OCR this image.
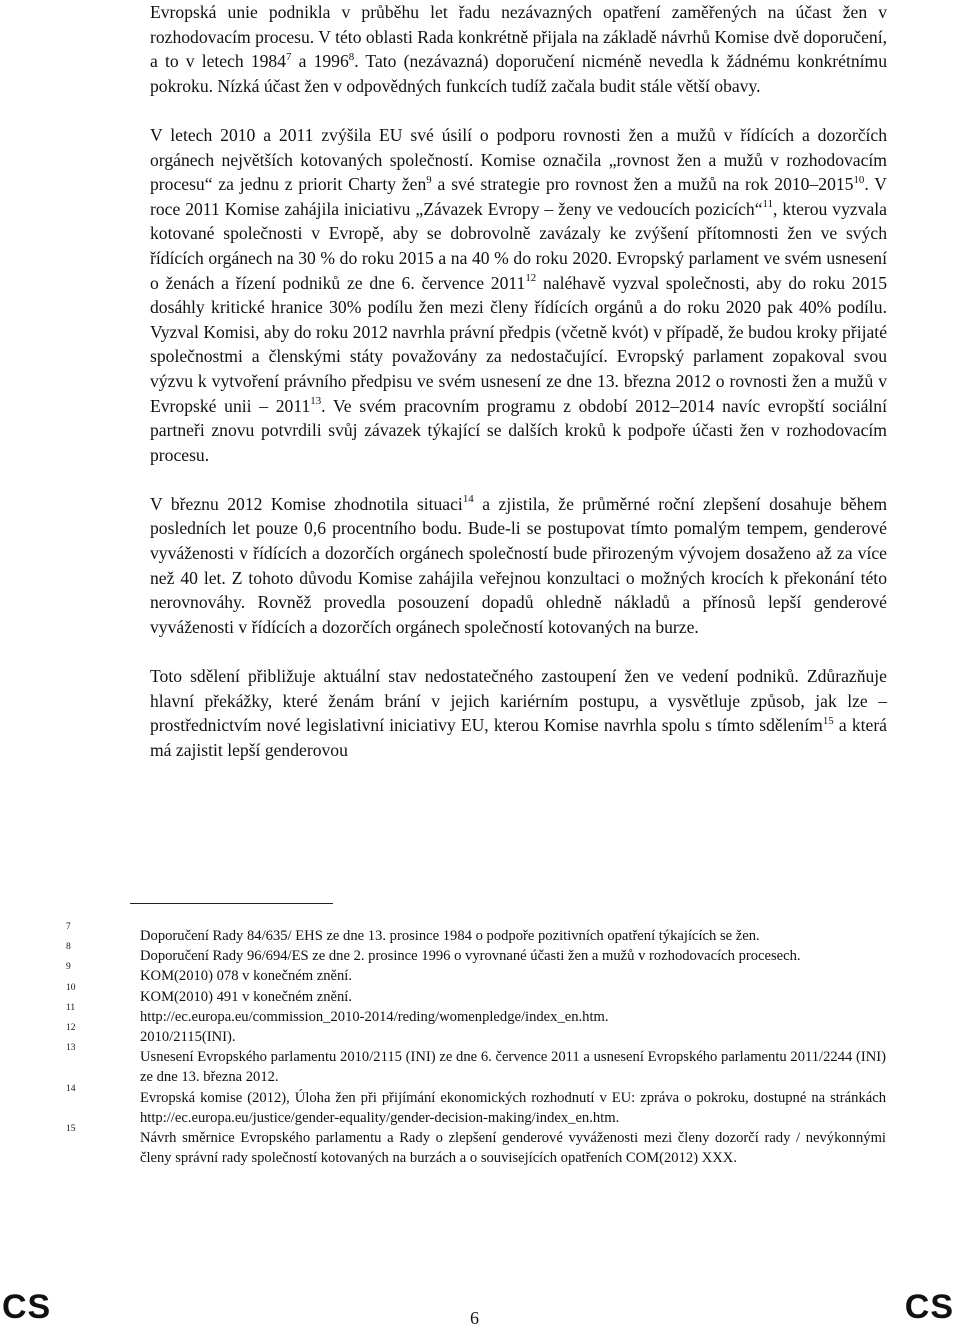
Evropská unie podnikla v průběhu let řadu nezávazných opatření zaměřených na účast žen v rozhodovacím procesu. V této oblasti Rada konkrétně přijala na základě návrhů Komise dvě doporučení, a to v letech 1984$^7$ a 1996$^8$. Tato (nezávazná) doporučení nicméně nevedla k žádnému konkrétnímu pokroku. Nízká účast žen v odpovědných funkcích tudíž začala budit stále větší obavy.

V letech 2010 a 2011 zvýšila EU své úsilí o podporu rovnosti žen a mužů v řídících a dozorčích orgánech největších kotovaných společností. Komise označila „rovnost žen a mužů v rozhodovacím procesu“ za jednu z priorit Charty žen$^9$ a své strategie pro rovnost žen a mužů na rok 2010–2015$^{10}$. V roce 2011 Komise zahájila iniciativu „Závazek Evropy – ženy ve vedoucích pozicích“$^{11}$, kterou vyzvala kotované společnosti v Evropě, aby se dobrovolně zavázaly ke zvýšení přítomnosti žen ve svých řídících orgánech na 30 % do roku 2015 a na 40 % do roku 2020. Evropský parlament ve svém usnesení o ženách a řízení podniků ze dne 6. července 2011$^{12}$ naléhavě vyzval společnosti, aby do roku 2015 dosáhly kritické hranice 30% podílu žen mezi členy řídících orgánů a do roku 2020 pak 40% podílu. Vyzval Komisi, aby do roku 2012 navrhla právní předpis (včetně kvót) v případě, že budou kroky přijaté společnostmi a členskými státy považovány za nedostačující. Evropský parlament zopakoval svou výzvu k vytvoření právního předpisu ve svém usnesení ze dne 13. března 2012 o rovnosti žen a mužů v Evropské unii – 2011$^{13}$. Ve svém pracovním programu z období 2012–2014 navíc evropští sociální partneři znovu potvrdili svůj závazek týkající se dalších kroků k podpoře účasti žen v rozhodovacím procesu.

V březnu 2012 Komise zhodnotila situaci$^{14}$ a zjistila, že průměrné roční zlepšení dosahuje během posledních let pouze 0,6 procentního bodu. Bude-li se postupovat tímto pomalým tempem, genderové vyváženosti v řídících a dozorčích orgánech společností bude přirozeným vývojem dosaženo až za více než 40 let. Z tohoto důvodu Komise zahájila veřejnou konzultaci o možných krocích k překonání této nerovnováhy. Rovněž provedla posouzení dopadů ohledně nákladů a přínosů lepší genderové vyváženosti v řídících a dozorčích orgánech společností kotovaných na burze.

Toto sdělení přibližuje aktuální stav nedostatečného zastoupení žen ve vedení podniků. Zdůrazňuje hlavní překážky, které ženám brání v jejich kariérním postupu, a vysvětluje způsob, jak lze – prostřednictvím nové legislativní iniciativy EU, kterou Komise navrhla spolu s tímto sdělením$^{15}$ a která má zajistit lepší genderovou

7
Doporučení Rady 84/635/ EHS ze dne 13. prosince 1984 o podpoře pozitivních opatření týkajících se žen.
8
Doporučení Rady 96/694/ES ze dne 2. prosince 1996 o vyrovnané účasti žen a mužů v rozhodovacích procesech.
9
KOM(2010) 078 v konečném znění.
10
KOM(2010) 491 v konečném znění.
11
http://ec.europa.eu/commission_2010-2014/reding/womenpledge/index_en.htm.
12
2010/2115(INI).
13
Usnesení Evropského parlamentu 2010/2115 (INI) ze dne 6. července 2011 a usnesení Evropského parlamentu 2011/2244 (INI) ze dne 13. března 2012.
14
Evropská komise (2012), Úloha žen při přijímání ekonomických rozhodnutí v EU: zpráva o pokroku, dostupné na stránkách http://ec.europa.eu/justice/gender-equality/gender-decision-making/index_en.htm.
15
Návrh směrnice Evropského parlamentu a Rady o zlepšení genderové vyváženosti mezi členy dozorčí rady / nevýkonnými členy správní rady společností kotovaných na burzách a o souvisejících opatřeních COM(2012) XXX.
CS	6	CS
